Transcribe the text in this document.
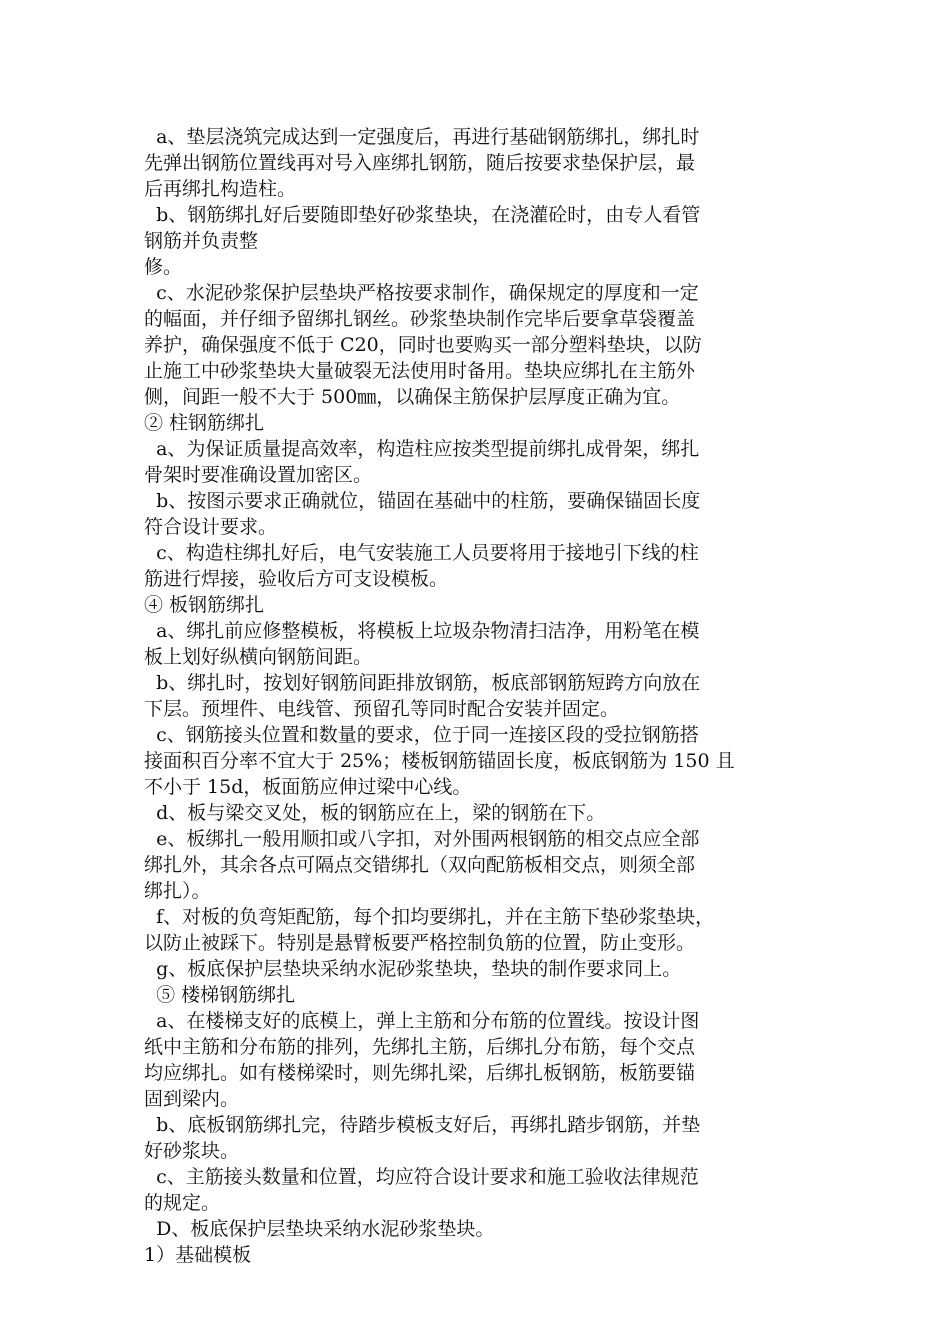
a、垫层浇筑完成达到一定强度后，再进行基础钢筋绑扎，绑扎时
先弹出钢筋位置线再对号入座绑扎钢筋，随后按要求垫保护层，最
后再绑扎构造柱。
b、钢筋绑扎好后要随即垫好砂浆垫块，在浇灌砼时，由专人看管
钢筋并负责整
修。
c、水泥砂浆保护层垫块严格按要求制作，确保规定的厚度和一定
的幅面，并仔细予留绑扎钢丝。砂浆垫块制作完毕后要拿草袋覆盖
养护，确保强度不低于 C20，同时也要购买一部分塑料垫块，以防
止施工中砂浆垫块大量破裂无法使用时备用。垫块应绑扎在主筋外
侧，间距一般不大于 500㎜，以确保主筋保护层厚度正确为宜。
② 柱钢筋绑扎
a、为保证质量提高效率，构造柱应按类型提前绑扎成骨架，绑扎
骨架时要准确设置加密区。
b、按图示要求正确就位，锚固在基础中的柱筋，要确保锚固长度
符合设计要求。
c、构造柱绑扎好后，电气安装施工人员要将用于接地引下线的柱
筋进行焊接，验收后方可支设模板。
④ 板钢筋绑扎
a、绑扎前应修整模板，将模板上垃圾杂物清扫洁净，用粉笔在模
板上划好纵横向钢筋间距。
b、绑扎时，按划好钢筋间距排放钢筋，板底部钢筋短跨方向放在
下层。预埋件、电线管、预留孔等同时配合安装并固定。
c、钢筋接头位置和数量的要求，位于同一连接区段的受拉钢筋搭
接面积百分率不宜大于 25%；楼板钢筋锚固长度，板底钢筋为 150 且
不小于 15d，板面筋应伸过梁中心线。
d、板与梁交叉处，板的钢筋应在上，梁的钢筋在下。
e、板绑扎一般用顺扣或八字扣，对外围两根钢筋的相交点应全部
绑扎外，其余各点可隔点交错绑扎（双向配筋板相交点，则须全部
绑扎）。
f、对板的负弯矩配筋，每个扣均要绑扎，并在主筋下垫砂浆垫块，
以防止被踩下。特别是悬臂板要严格控制负筋的位置，防止变形。
g、板底保护层垫块采纳水泥砂浆垫块，垫块的制作要求同上。
⑤ 楼梯钢筋绑扎
a、在楼梯支好的底模上，弹上主筋和分布筋的位置线。按设计图
纸中主筋和分布筋的排列，先绑扎主筋，后绑扎分布筋，每个交点
均应绑扎。如有楼梯梁时，则先绑扎梁，后绑扎板钢筋，板筋要锚
固到梁内。
b、底板钢筋绑扎完，待踏步模板支好后，再绑扎踏步钢筋，并垫
好砂浆块。
c、主筋接头数量和位置，均应符合设计要求和施工验收法律规范
的规定。
D、板底保护层垫块采纳水泥砂浆垫块。
1）基础模板
